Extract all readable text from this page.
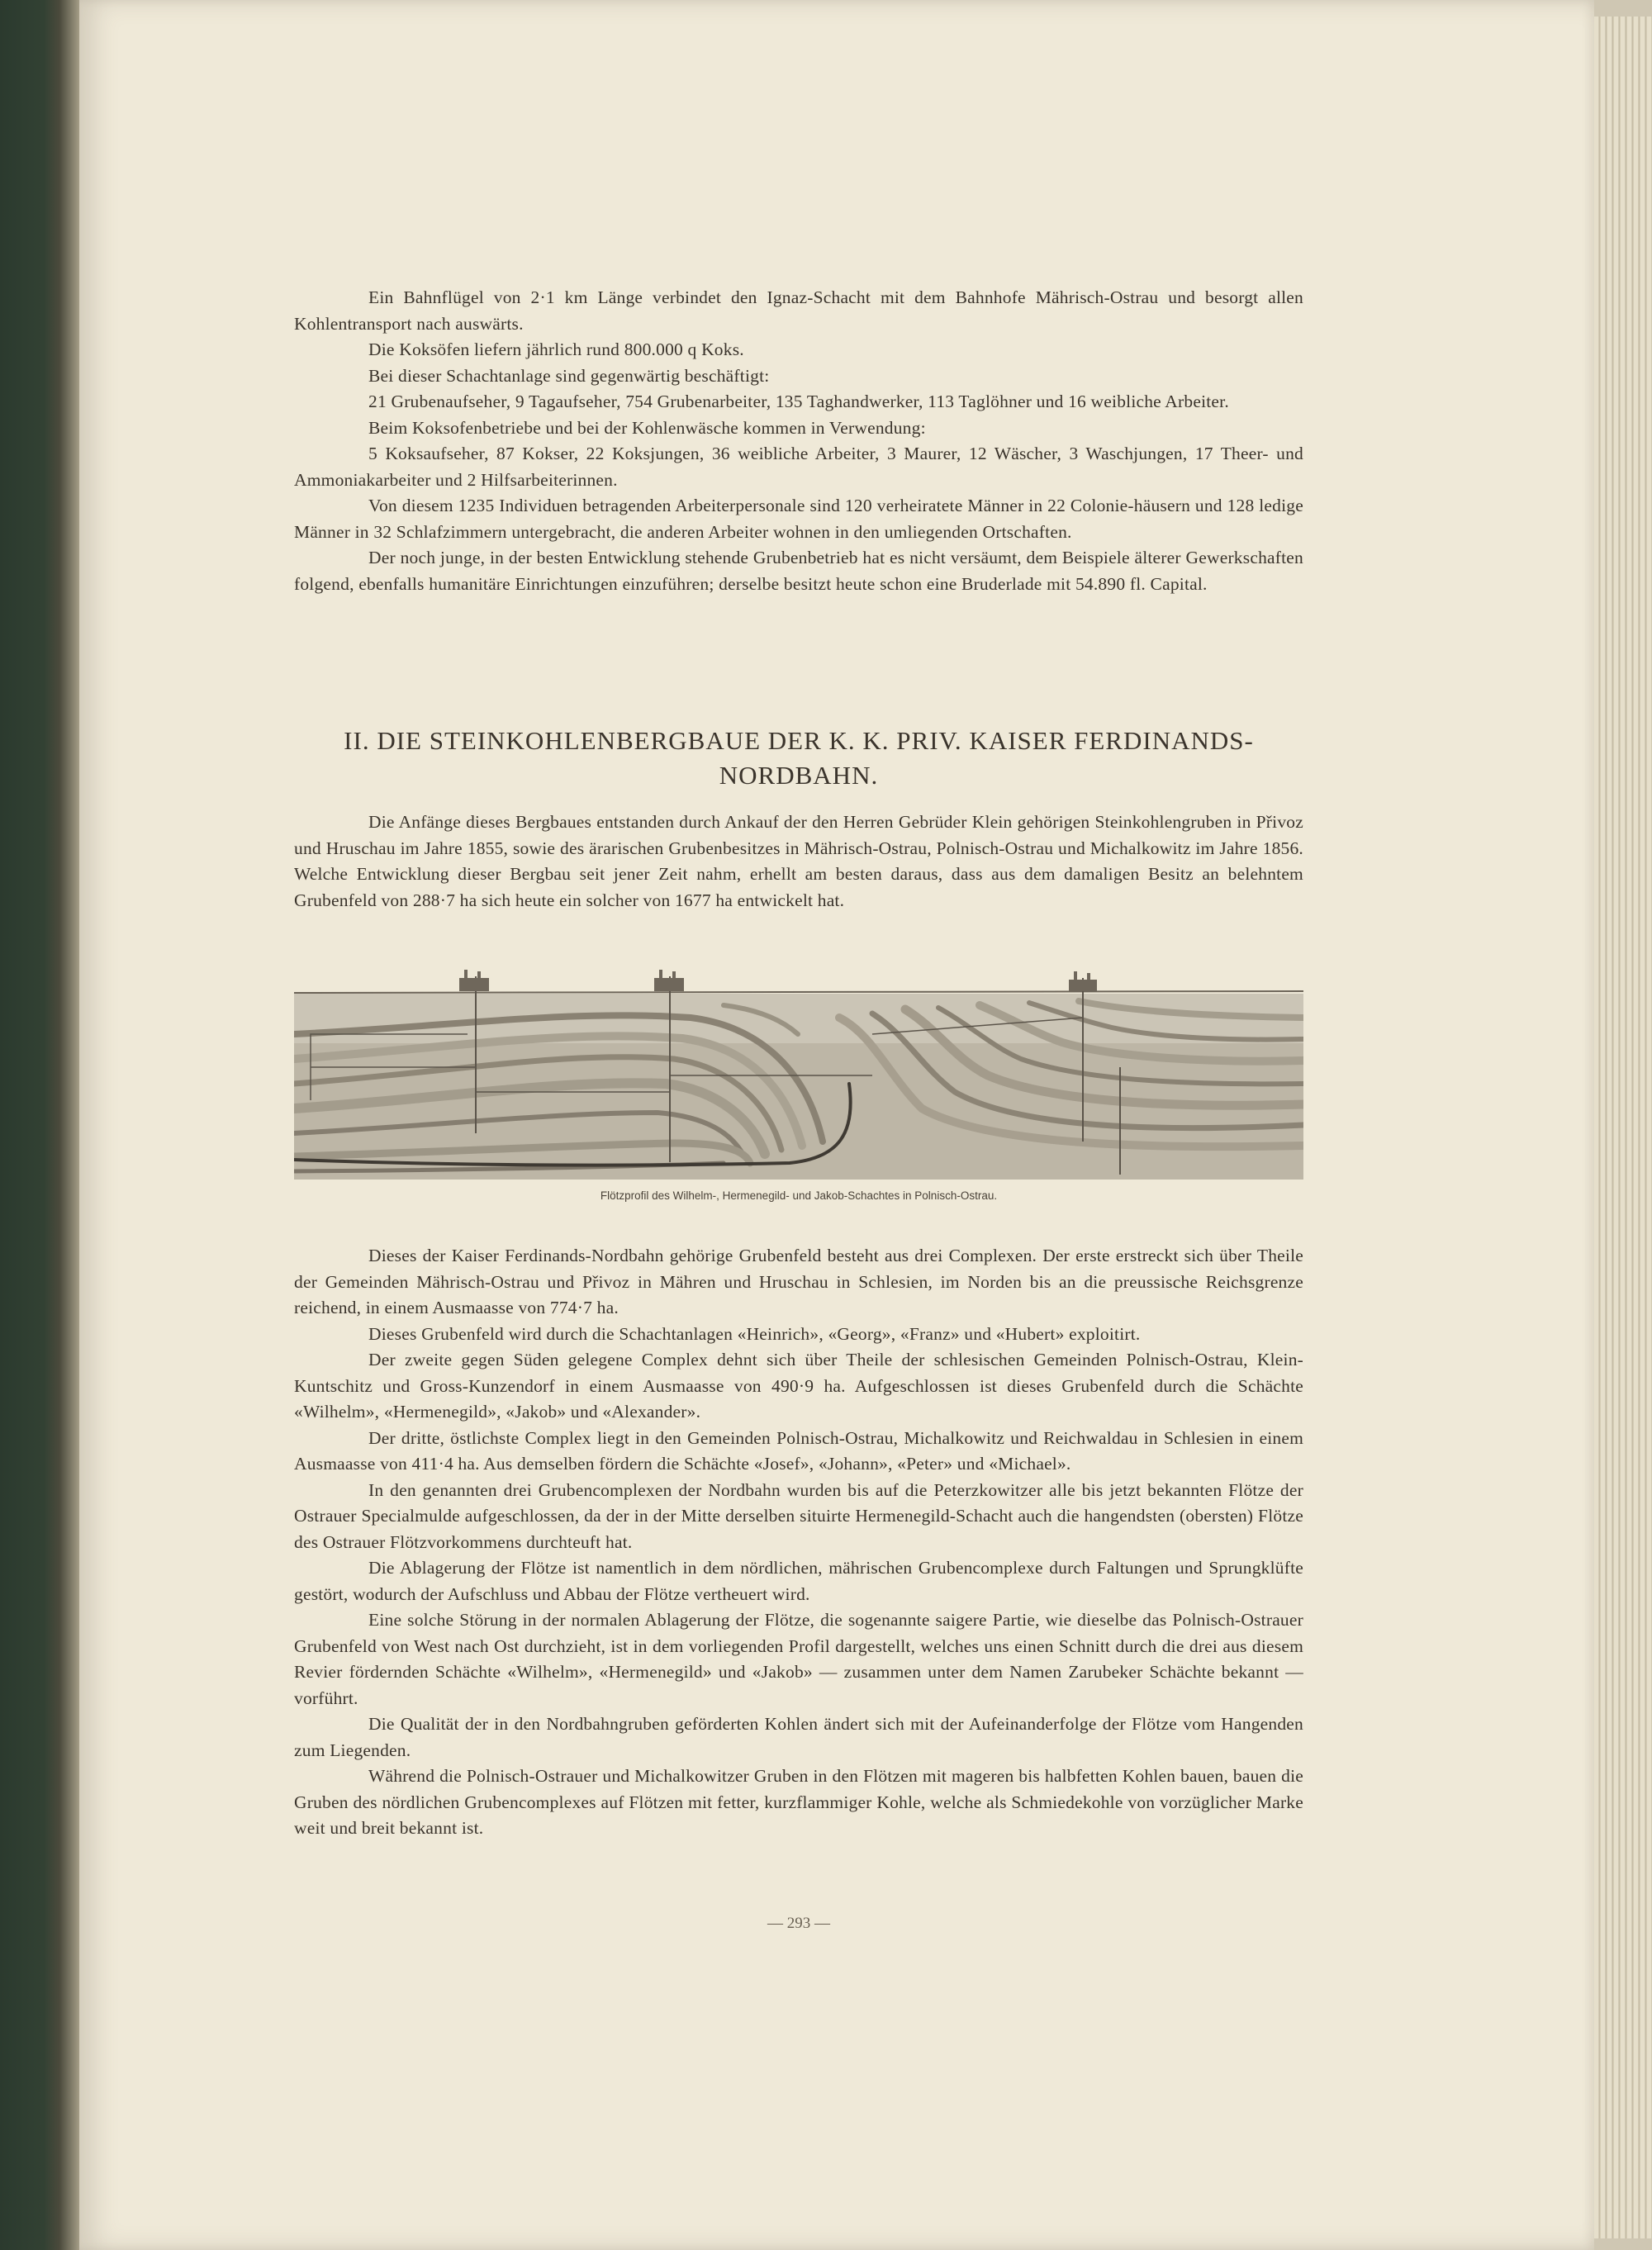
Ein Bahnflügel von 2·1 km Länge verbindet den Ignaz-Schacht mit dem Bahnhofe Mährisch-Ostrau und besorgt allen Kohlentransport nach auswärts.

Die Koksöfen liefern jährlich rund 800.000 q Koks.

Bei dieser Schachtanlage sind gegenwärtig beschäftigt:

21 Grubenaufseher, 9 Tagaufseher, 754 Grubenarbeiter, 135 Taghandwerker, 113 Taglöhner und 16 weibliche Arbeiter.

Beim Koksofenbetriebe und bei der Kohlenwäsche kommen in Verwendung:

5 Koksaufseher, 87 Kokser, 22 Koksjungen, 36 weibliche Arbeiter, 3 Maurer, 12 Wäscher, 3 Waschjungen, 17 Theer- und Ammoniakarbeiter und 2 Hilfsarbeiterinnen.

Von diesem 1235 Individuen betragenden Arbeiterpersonale sind 120 verheiratete Männer in 22 Colonie-häusern und 128 ledige Männer in 32 Schlafzimmern untergebracht, die anderen Arbeiter wohnen in den umliegenden Ortschaften.

Der noch junge, in der besten Entwicklung stehende Grubenbetrieb hat es nicht versäumt, dem Beispiele älterer Gewerkschaften folgend, ebenfalls humanitäre Einrichtungen einzuführen; derselbe besitzt heute schon eine Bruderlade mit 54.890 fl. Capital.

II. DIE STEINKOHLENBERGBAUE DER K. K. PRIV. KAISER FERDINANDS-
NORDBAHN.

Die Anfänge dieses Bergbaues entstanden durch Ankauf der den Herren Gebrüder Klein gehörigen Steinkohlengruben in Přivoz und Hruschau im Jahre 1855, sowie des ärarischen Grubenbesitzes in Mährisch-Ostrau, Polnisch-Ostrau und Michalkowitz im Jahre 1856. Welche Entwicklung dieser Bergbau seit jener Zeit nahm, erhellt am besten daraus, dass aus dem damaligen Besitz an belehntem Grubenfeld von 288·7 ha sich heute ein solcher von 1677 ha entwickelt hat.

Flötzprofil des Wilhelm-, Hermenegild- und Jakob-Schachtes in Polnisch-Ostrau.

Dieses der Kaiser Ferdinands-Nordbahn gehörige Grubenfeld besteht aus drei Complexen. Der erste erstreckt sich über Theile der Gemeinden Mährisch-Ostrau und Přivoz in Mähren und Hruschau in Schlesien, im Norden bis an die preussische Reichsgrenze reichend, in einem Ausmaasse von 774·7 ha.

Dieses Grubenfeld wird durch die Schachtanlagen «Heinrich», «Georg», «Franz» und «Hubert» exploitirt.

Der zweite gegen Süden gelegene Complex dehnt sich über Theile der schlesischen Gemeinden Polnisch-Ostrau, Klein-Kuntschitz und Gross-Kunzendorf in einem Ausmaasse von 490·9 ha. Aufgeschlossen ist dieses Grubenfeld durch die Schächte «Wilhelm», «Hermenegild», «Jakob» und «Alexander».

Der dritte, östlichste Complex liegt in den Gemeinden Polnisch-Ostrau, Michalkowitz und Reichwaldau in Schlesien in einem Ausmaasse von 411·4 ha. Aus demselben fördern die Schächte «Josef», «Johann», «Peter» und «Michael».

In den genannten drei Grubencomplexen der Nordbahn wurden bis auf die Peterzkowitzer alle bis jetzt bekannten Flötze der Ostrauer Specialmulde aufgeschlossen, da der in der Mitte derselben situirte Hermenegild-Schacht auch die hangendsten (obersten) Flötze des Ostrauer Flötzvorkommens durchteuft hat.

Die Ablagerung der Flötze ist namentlich in dem nördlichen, mährischen Grubencomplexe durch Faltungen und Sprungklüfte gestört, wodurch der Aufschluss und Abbau der Flötze vertheuert wird.

Eine solche Störung in der normalen Ablagerung der Flötze, die sogenannte saigere Partie, wie dieselbe das Polnisch-Ostrauer Grubenfeld von West nach Ost durchzieht, ist in dem vorliegenden Profil dargestellt, welches uns einen Schnitt durch die drei aus diesem Revier fördernden Schächte «Wilhelm», «Hermenegild» und «Jakob» — zusammen unter dem Namen Zarubeker Schächte bekannt — vorführt.

Die Qualität der in den Nordbahngruben geförderten Kohlen ändert sich mit der Aufeinanderfolge der Flötze vom Hangenden zum Liegenden.

Während die Polnisch-Ostrauer und Michalkowitzer Gruben in den Flötzen mit mageren bis halbfetten Kohlen bauen, bauen die Gruben des nördlichen Grubencomplexes auf Flötzen mit fetter, kurzflammiger Kohle, welche als Schmiedekohle von vorzüglicher Marke weit und breit bekannt ist.

— 293 —
